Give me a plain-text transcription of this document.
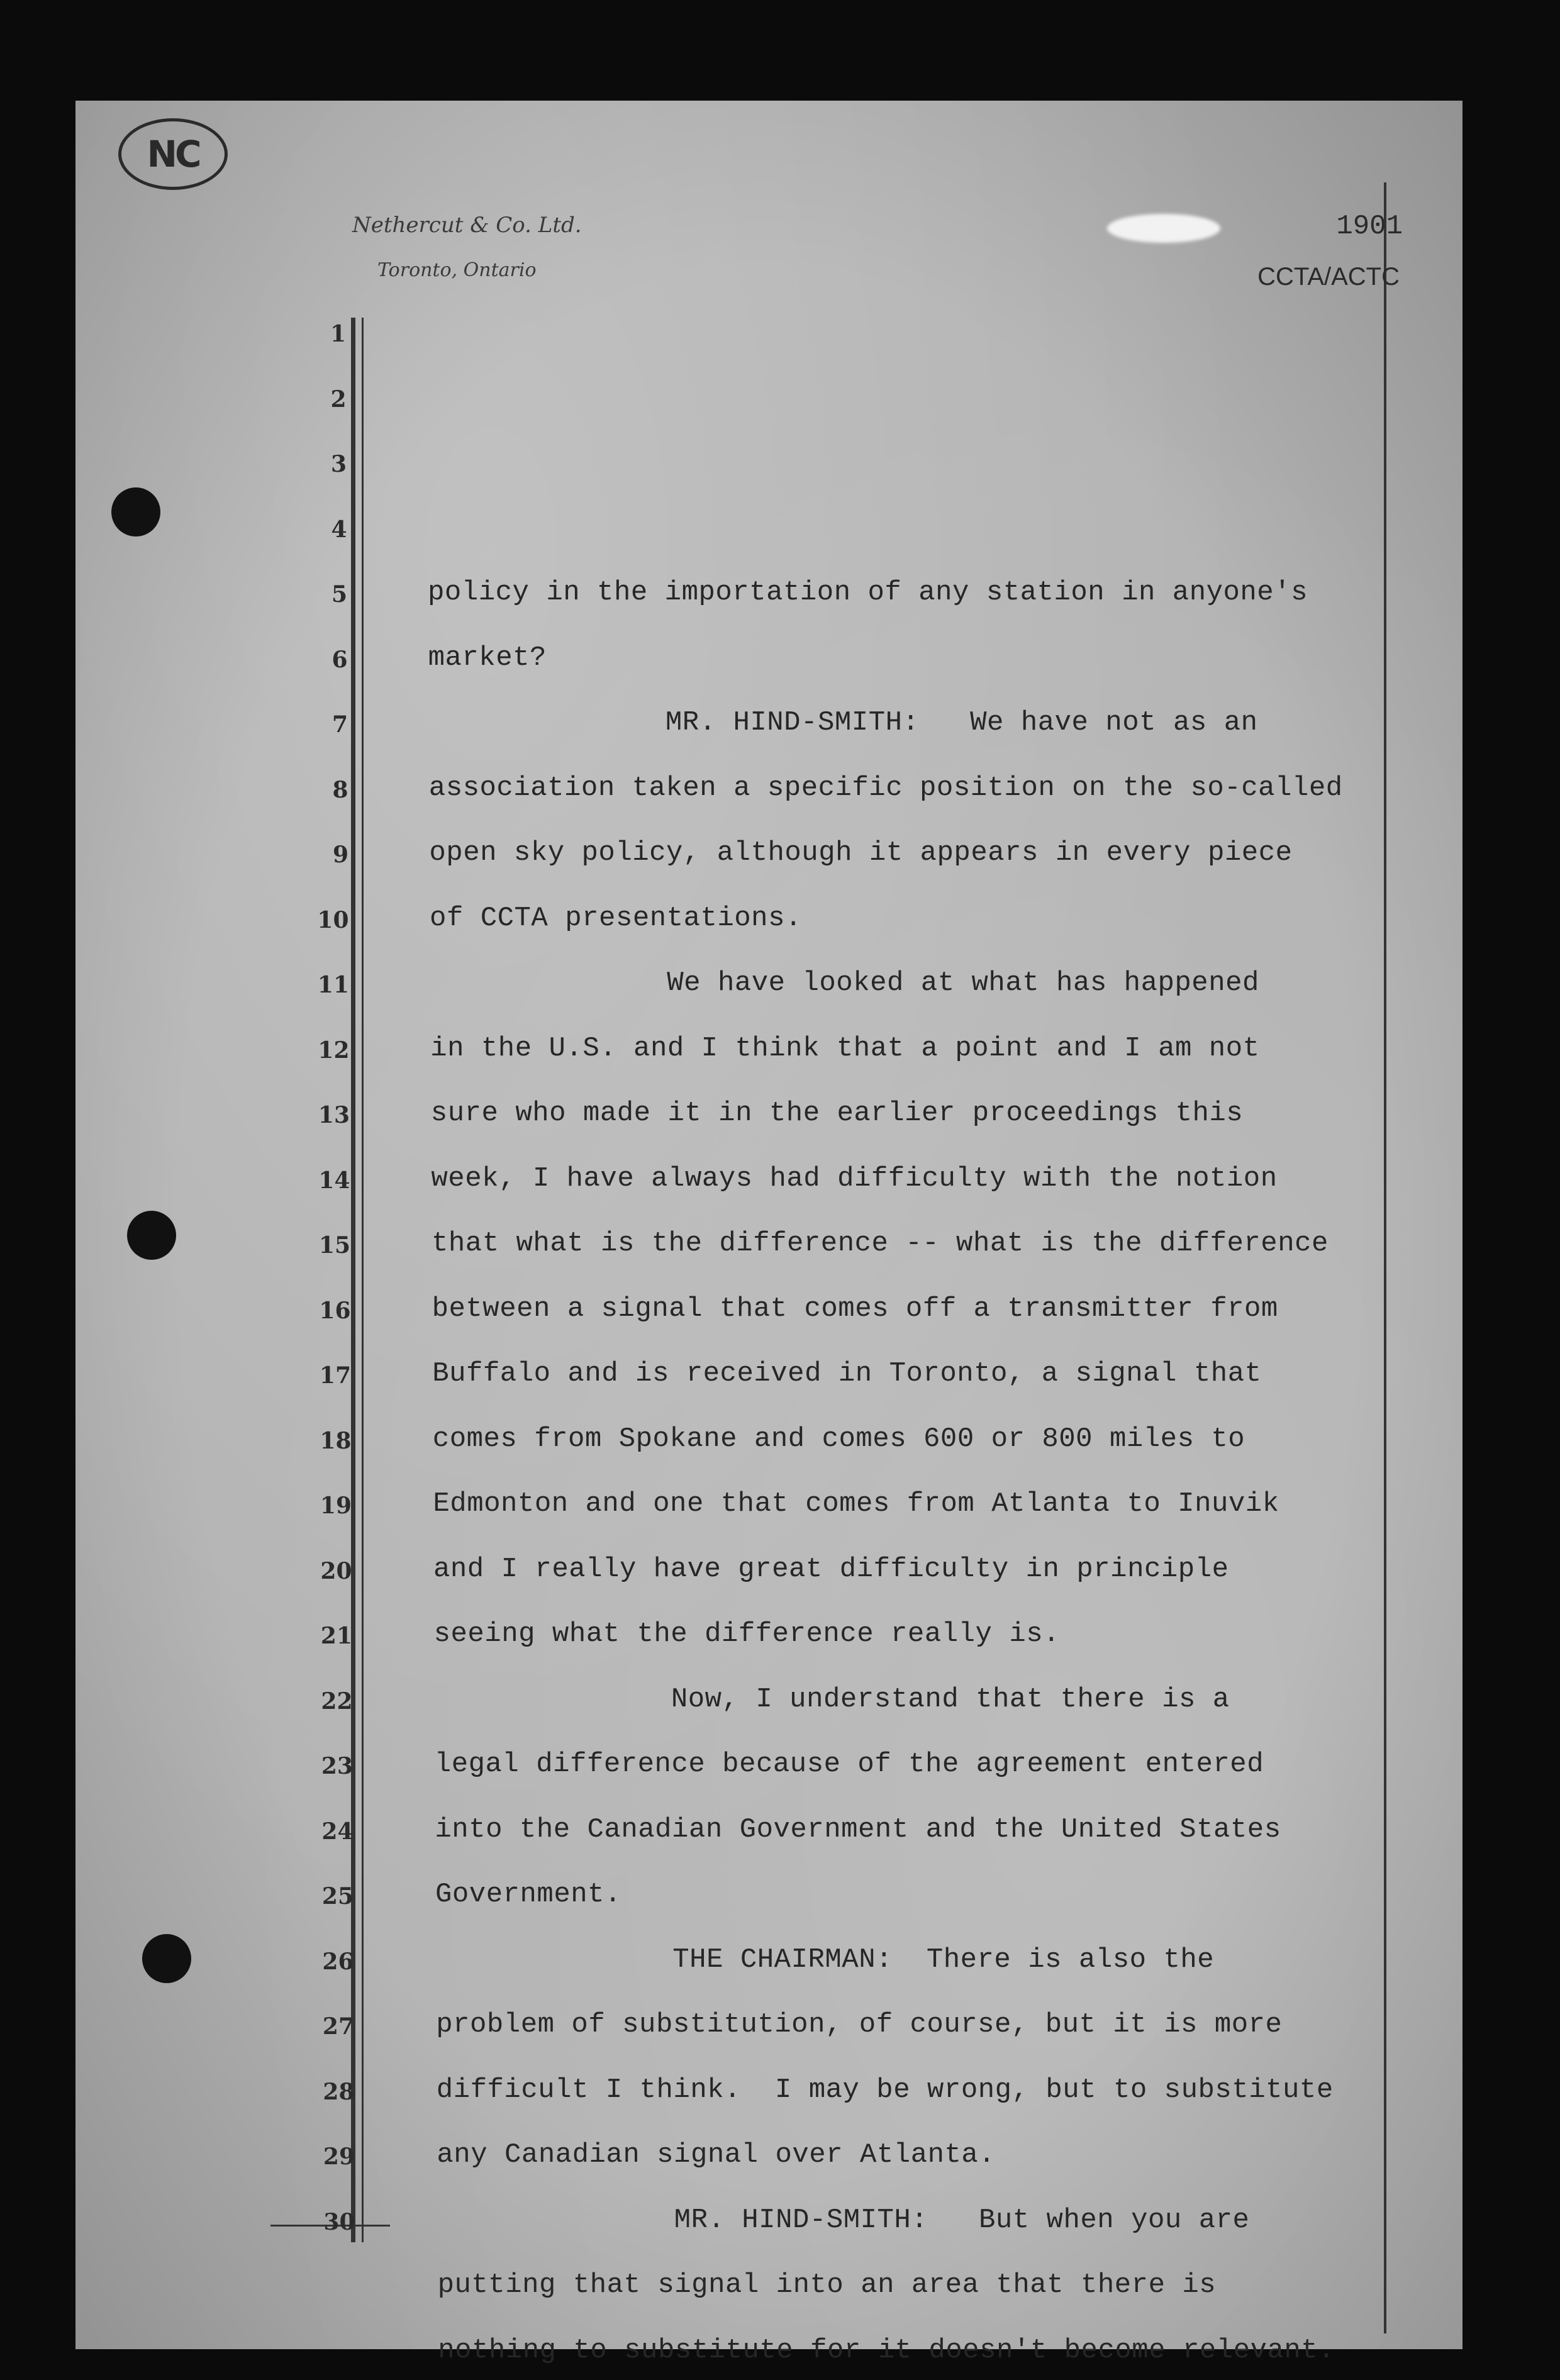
NC
Nethercut & Co. Ltd.
Toronto, Ontario
1
2
3
4
5
6
7
8
9
10
11
12
13
14
15
16
17
18
19
20
21
22
23
24
25
26
27
28
29
30
1901
CCTA/ACTC
policy in the importation of any station in anyone's
market?
MR. HIND-SMITH:   We have not as an
association taken a specific position on the so-called
open sky policy, although it appears in every piece
of CCTA presentations.
We have looked at what has happened
in the U.S. and I think that a point and I am not
sure who made it in the earlier proceedings this
week, I have always had difficulty with the notion
that what is the difference -- what is the difference
between a signal that comes off a transmitter from
Buffalo and is received in Toronto, a signal that
comes from Spokane and comes 600 or 800 miles to
Edmonton and one that comes from Atlanta to Inuvik
and I really have great difficulty in principle
seeing what the difference really is.
Now, I understand that there is a
legal difference because of the agreement entered
into the Canadian Government and the United States
Government.
THE CHAIRMAN:  There is also the
problem of substitution, of course, but it is more
difficult I think.  I may be wrong, but to substitute
any Canadian signal over Atlanta.
MR. HIND-SMITH:   But when you are
putting that signal into an area that there is
nothing to substitute for it doesn't become relevant.
